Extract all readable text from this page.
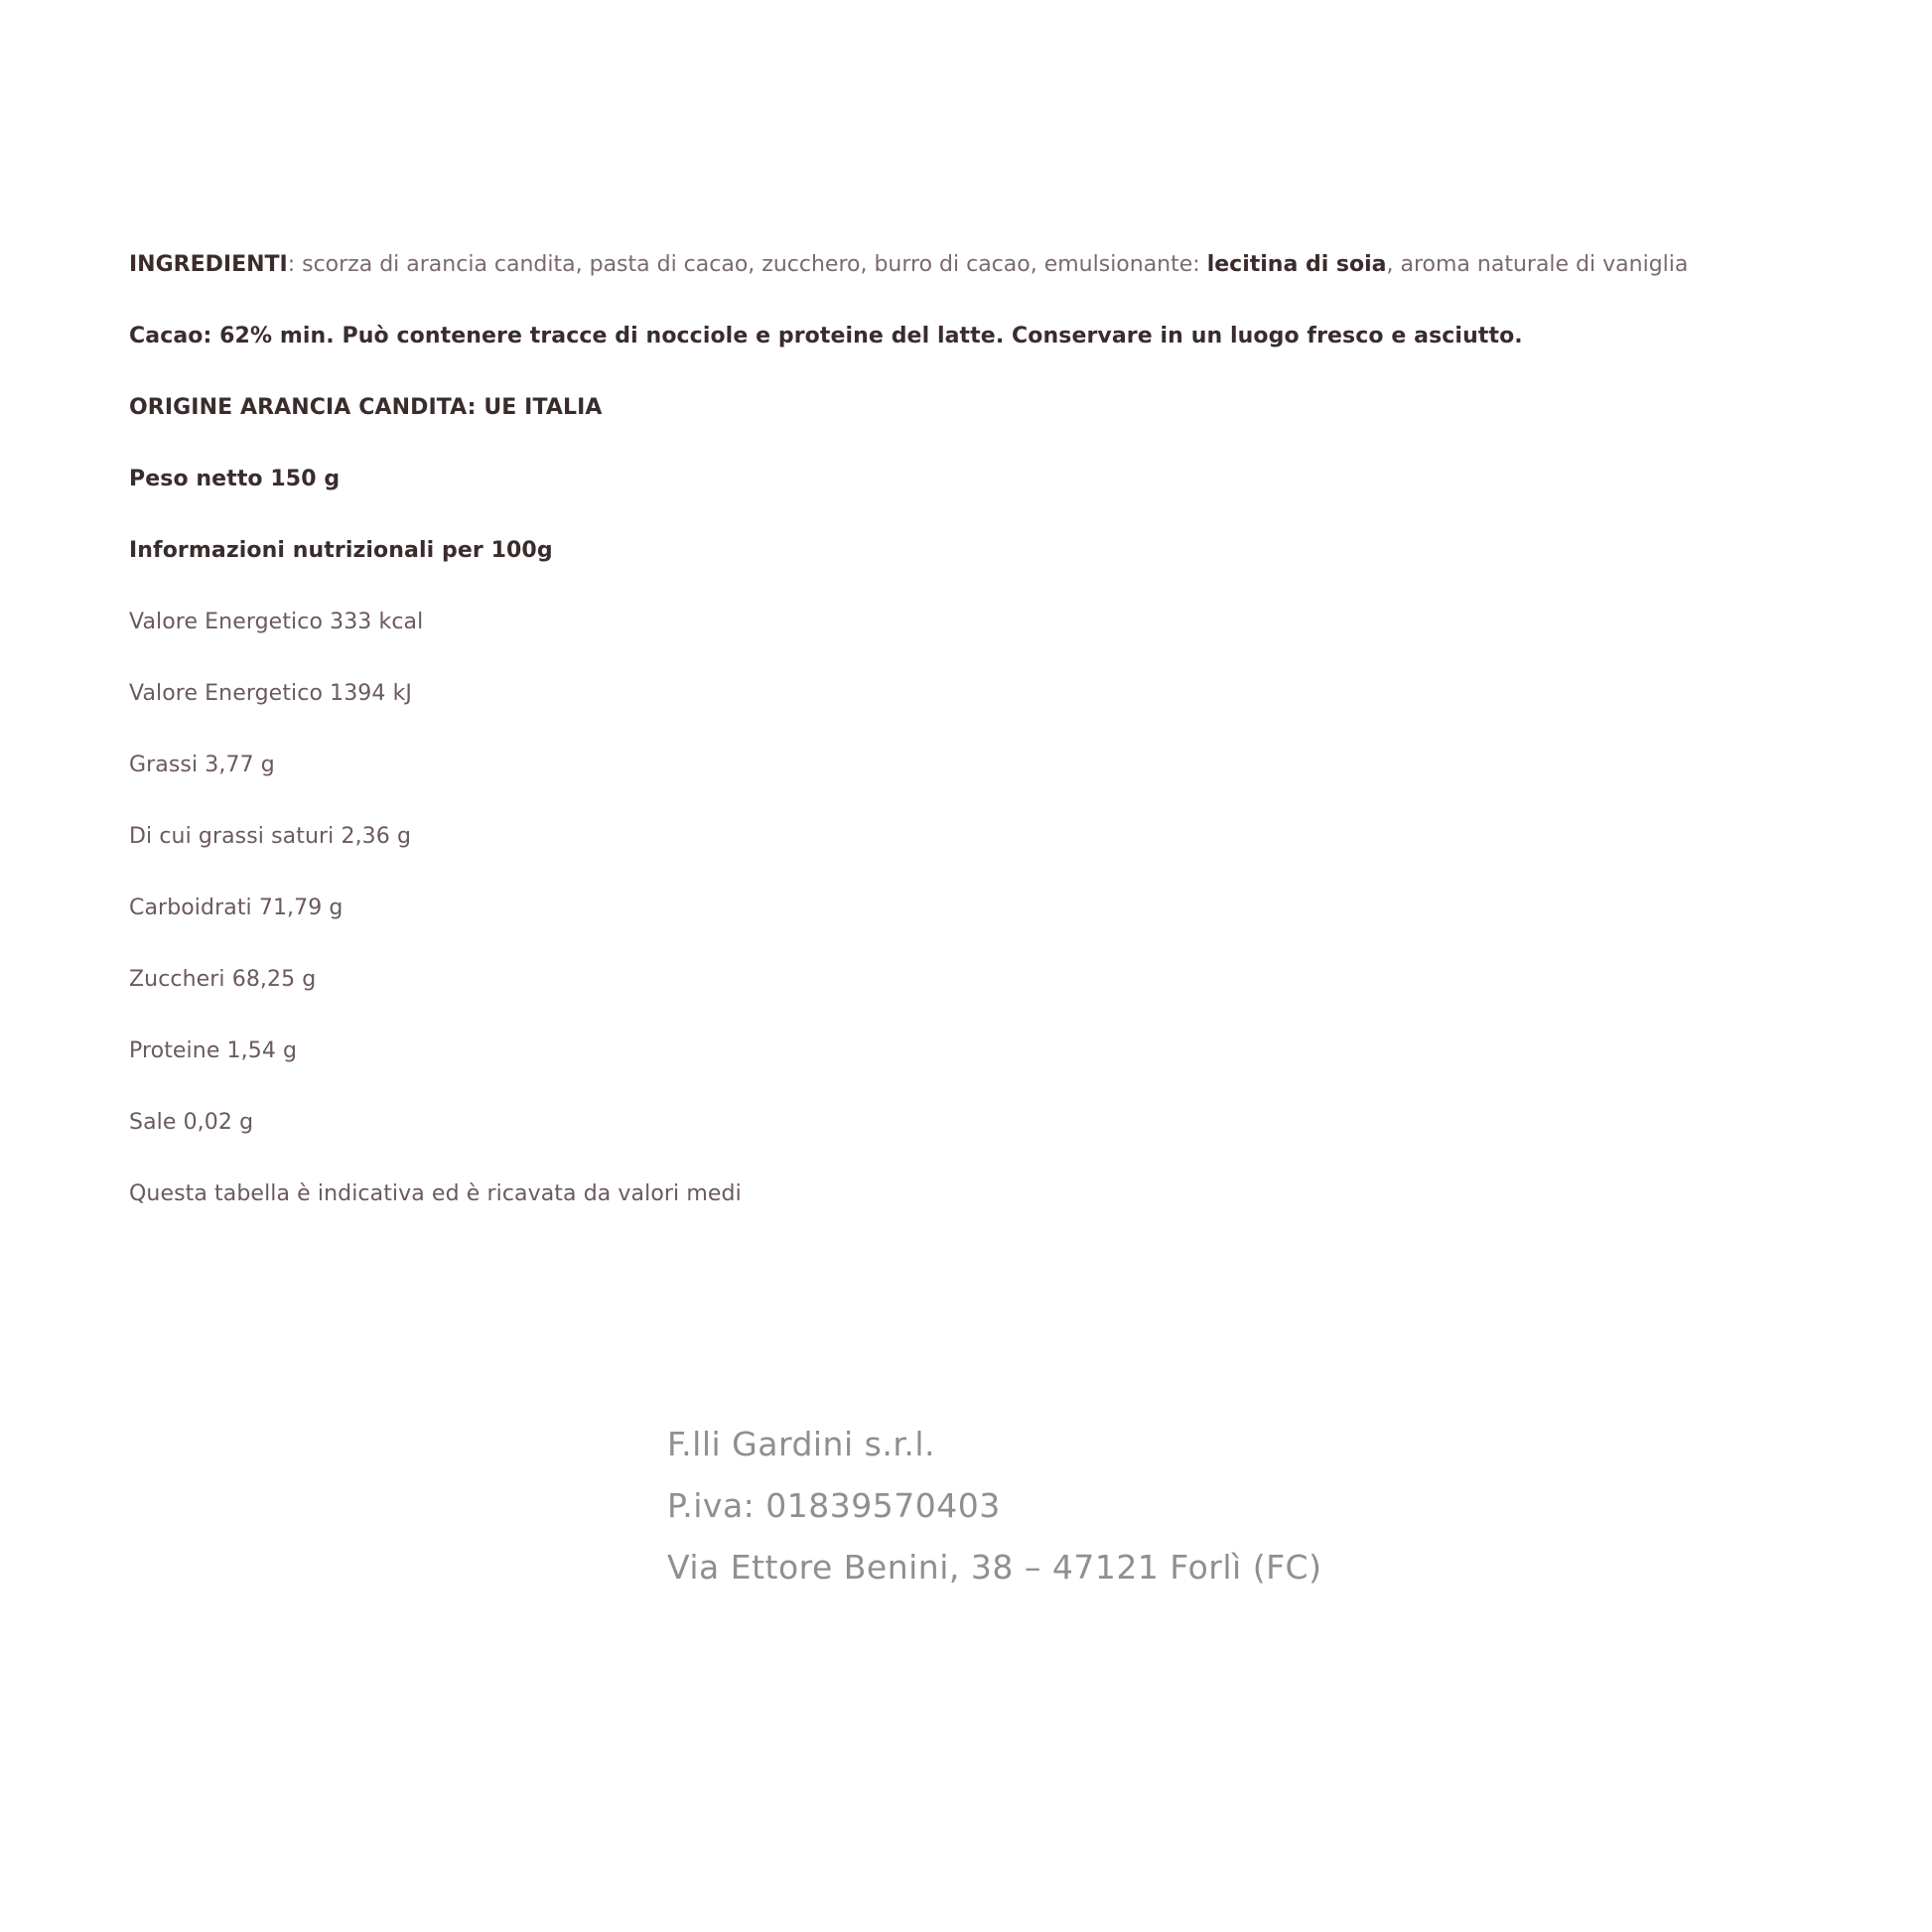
INGREDIENTI: scorza di arancia candita, pasta di cacao, zucchero, burro di cacao, emulsionante: lecitina di soia, aroma naturale di vaniglia
Cacao: 62% min. Può contenere tracce di nocciole e proteine del latte. Conservare in un luogo fresco e asciutto.
ORIGINE ARANCIA CANDITA: UE ITALIA
Peso netto 150 g
Informazioni nutrizionali per 100g
Valore Energetico 333 kcal
Valore Energetico 1394 kJ
Grassi 3,77 g
Di cui grassi saturi 2,36 g
Carboidrati 71,79 g
Zuccheri 68,25 g
Proteine 1,54 g
Sale 0,02 g
Questa tabella è indicativa ed è ricavata da valori medi
F.lli Gardini s.r.l.
P.iva: 01839570403
Via Ettore Benini, 38 – 47121 Forlì (FC)
